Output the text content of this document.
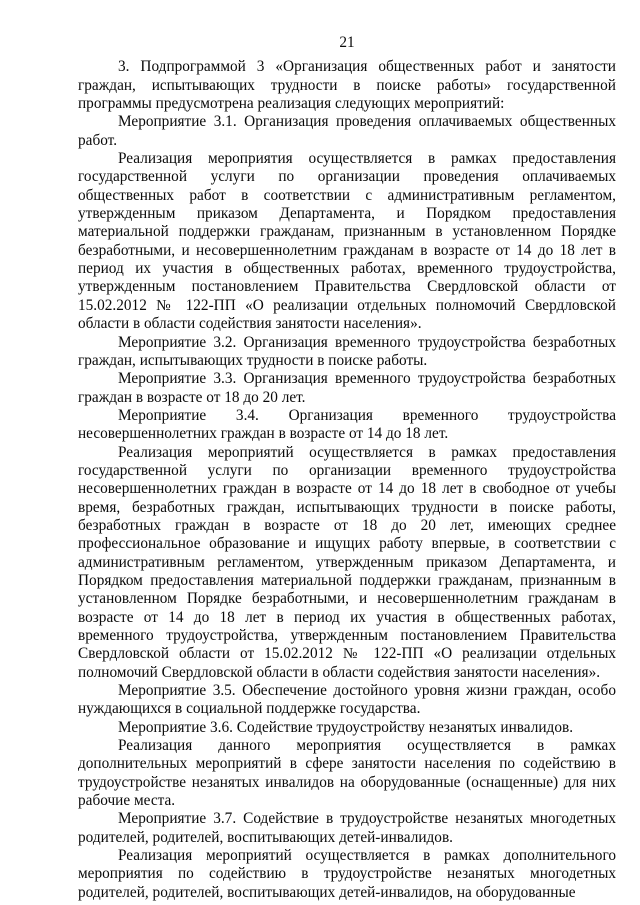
21

3. Подпрограммой 3 «Организация общественных работ и занятости граждан, испытывающих трудности в поиске работы» государственной программы предусмотрена реализация следующих мероприятий:

Мероприятие 3.1. Организация проведения оплачиваемых общественных работ.

Реализация мероприятия осуществляется в рамках предоставления государственной услуги по организации проведения оплачиваемых общественных работ в соответствии с административным регламентом, утвержденным приказом Департамента, и Порядком предоставления материальной поддержки гражданам, признанным в установленном Порядке безработными, и несовершеннолетним гражданам в возрасте от 14 до 18 лет в период их участия в общественных работах, временного трудоустройства, утвержденным постановлением Правительства Свердловской области от 15.02.2012 № 122-ПП «О реализации отдельных полномочий Свердловской области в области содействия занятости населения».

Мероприятие 3.2. Организация временного трудоустройства безработных граждан, испытывающих трудности в поиске работы.

Мероприятие 3.3. Организация временного трудоустройства безработных граждан в возрасте от 18 до 20 лет.

Мероприятие 3.4. Организация временного трудоустройства несовершеннолетних граждан в возрасте от 14 до 18 лет.

Реализация мероприятий осуществляется в рамках предоставления государственной услуги по организации временного трудоустройства несовершеннолетних граждан в возрасте от 14 до 18 лет в свободное от учебы время, безработных граждан, испытывающих трудности в поиске работы, безработных граждан в возрасте от 18 до 20 лет, имеющих среднее профессиональное образование и ищущих работу впервые, в соответствии с административным регламентом, утвержденным приказом Департамента, и Порядком предоставления материальной поддержки гражданам, признанным в установленном Порядке безработными, и несовершеннолетним гражданам в возрасте от 14 до 18 лет в период их участия в общественных работах, временного трудоустройства, утвержденным постановлением Правительства Свердловской области от 15.02.2012 № 122-ПП «О реализации отдельных полномочий Свердловской области в области содействия занятости населения».

Мероприятие 3.5. Обеспечение достойного уровня жизни граждан, особо нуждающихся в социальной поддержке государства.

Мероприятие 3.6. Содействие трудоустройству незанятых инвалидов.

Реализация данного мероприятия осуществляется в рамках дополнительных мероприятий в сфере занятости населения по содействию в трудоустройстве незанятых инвалидов на оборудованные (оснащенные) для них рабочие места.

Мероприятие 3.7. Содействие в трудоустройстве незанятых многодетных родителей, родителей, воспитывающих детей-инвалидов.

Реализация мероприятий осуществляется в рамках дополнительного мероприятия по содействию в трудоустройстве незанятых многодетных родителей, родителей, воспитывающих детей-инвалидов, на оборудованные
